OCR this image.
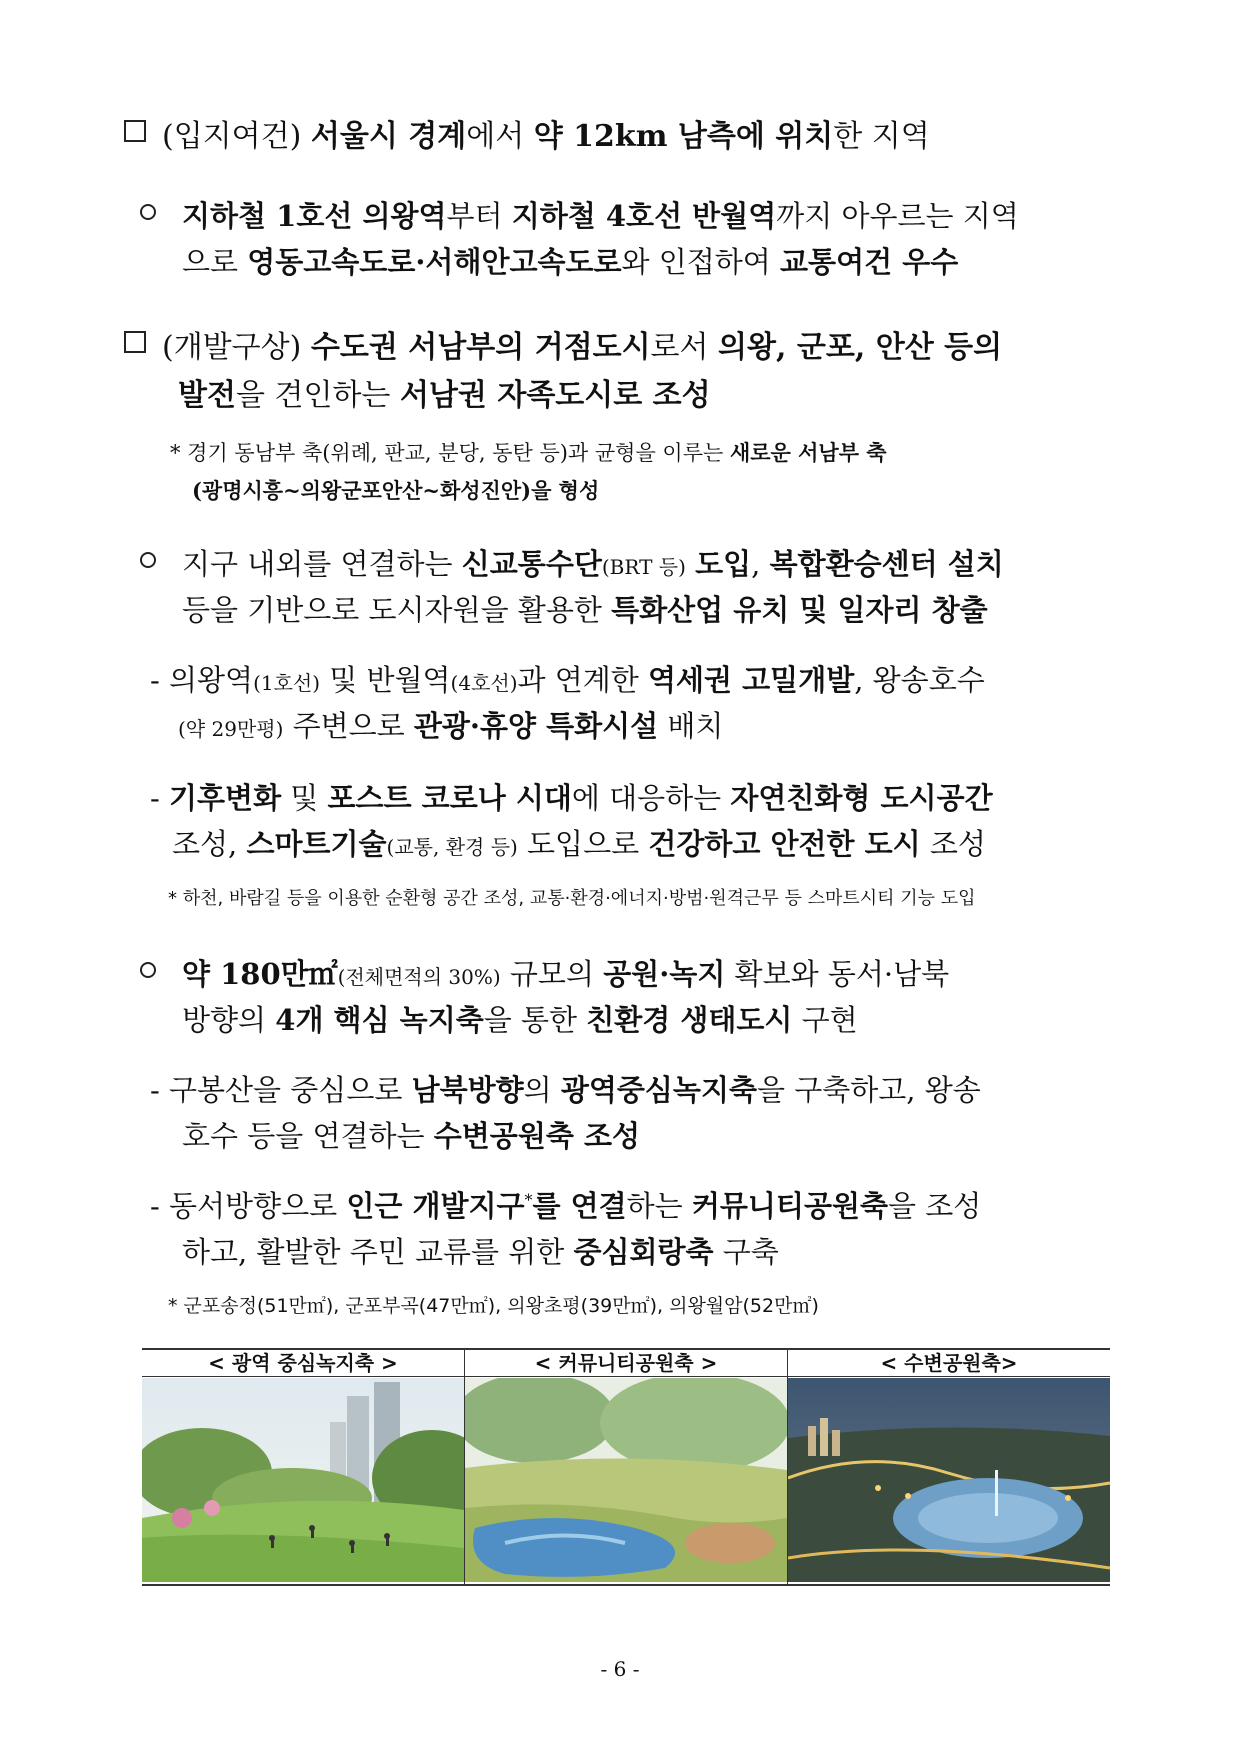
(입지여건) 서울시 경계에서 약 12km 남측에 위치한 지역
지하철 1호선 의왕역부터 지하철 4호선 반월역까지 아우르는 지역
으로 영동고속도로·서해안고속도로와 인접하여 교통여건 우수
(개발구상) 수도권 서남부의 거점도시로서 의왕, 군포, 안산 등의
발전을 견인하는 서남권 자족도시로 조성
* 경기 동남부 축(위례, 판교, 분당, 동탄 등)과 균형을 이루는 새로운 서남부 축
(광명시흥~의왕군포안산~화성진안)을 형성
지구 내외를 연결하는 신교통수단(BRT 등) 도입, 복합환승센터 설치
등을 기반으로 도시자원을 활용한 특화산업 유치 및 일자리 창출
- 의왕역(1호선) 및 반월역(4호선)과 연계한 역세권 고밀개발, 왕송호수
(약 29만평) 주변으로 관광·휴양 특화시설 배치
- 기후변화 및 포스트 코로나 시대에 대응하는 자연친화형 도시공간
조성, 스마트기술(교통, 환경 등) 도입으로 건강하고 안전한 도시 조성
* 하천, 바람길 등을 이용한 순환형 공간 조성, 교통·환경·에너지·방범·원격근무 등 스마트시티 기능 도입
약 180만㎡(전체면적의 30%) 규모의 공원·녹지 확보와 동서·남북
방향의 4개 핵심 녹지축을 통한 친환경 생태도시 구현
- 구봉산을 중심으로 남북방향의 광역중심녹지축을 구축하고, 왕송
호수 등을 연결하는 수변공원축 조성
- 동서방향으로 인근 개발지구*를 연결하는 커뮤니티공원축을 조성
하고, 활발한 주민 교류를 위한 중심회랑축 구축
* 군포송정(51만㎡), 군포부곡(47만㎡), 의왕초평(39만㎡), 의왕월암(52만㎡)
< 광역 중심녹지축 >	< 커뮤니티공원축 >	< 수변공원축>
- 6 -
